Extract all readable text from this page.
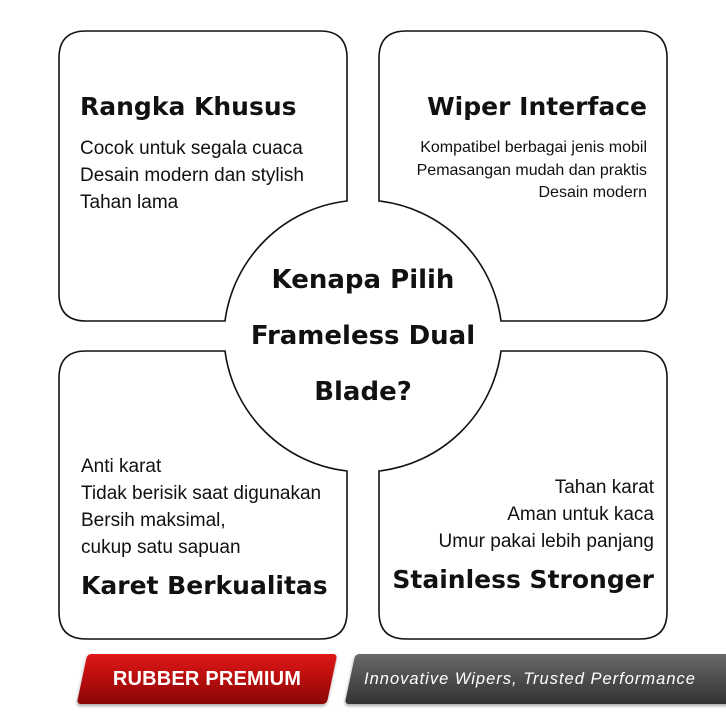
Rangka Khusus
Cocok untuk segala cuaca
Desain modern dan stylish
Tahan lama
Wiper Interface
Kompatibel berbagai jenis mobil
Pemasangan mudah dan praktis
Desain modern
Anti karat
Tidak berisik saat digunakan
Bersih maksimal,
cukup satu sapuan
Karet Berkualitas
Tahan karat
Aman untuk kaca
Umur pakai lebih panjang
Stainless Stronger
Kenapa Pilih
Frameless Dual
Blade?
RUBBER PREMIUM	Innovative Wipers, Trusted Performance
